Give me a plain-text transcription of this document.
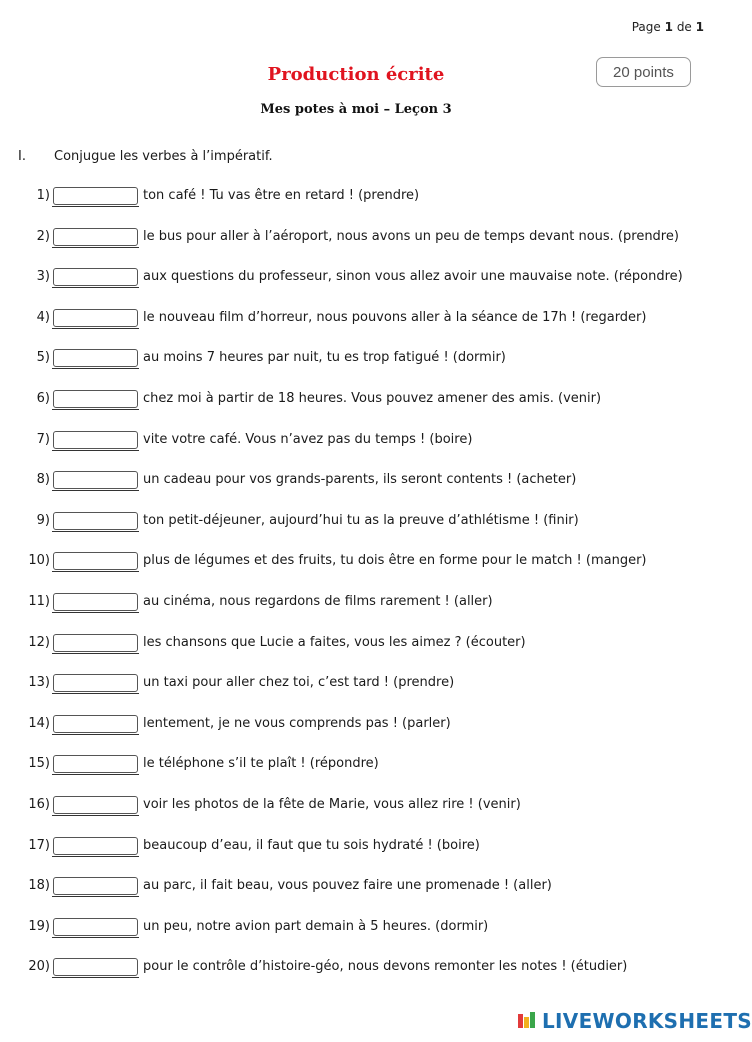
Page 1 de 1
20 points
Production écrite
Mes potes à moi – Leçon 3
I. Conjugue les verbes à l’impératif.
1)	ton café ! Tu vas être en retard ! (prendre)
2)	le bus pour aller à l’aéroport, nous avons un peu de temps devant nous. (prendre)
3)	aux questions du professeur, sinon vous allez avoir une mauvaise note. (répondre)
4)	le nouveau film d’horreur, nous pouvons aller à la séance de 17h ! (regarder)
5)	au moins 7 heures par nuit, tu es trop fatigué ! (dormir)
6)	chez moi à partir de 18 heures. Vous pouvez amener des amis. (venir)
7)	vite votre café. Vous n’avez pas du temps ! (boire)
8)	un cadeau pour vos grands-parents, ils seront contents ! (acheter)
9)	ton petit-déjeuner, aujourd’hui tu as la preuve d’athlétisme ! (finir)
10)	plus de légumes et des fruits, tu dois être en forme pour le match ! (manger)
11)	au cinéma, nous regardons de films rarement ! (aller)
12)	les chansons que Lucie a faites, vous les aimez ? (écouter)
13)	un taxi pour aller chez toi, c’est tard ! (prendre)
14)	lentement, je ne vous comprends pas ! (parler)
15)	le téléphone s’il te plaît ! (répondre)
16)	voir les photos de la fête de Marie, vous allez rire ! (venir)
17)	beaucoup d’eau, il faut que tu sois hydraté ! (boire)
18)	au parc, il fait beau, vous pouvez faire une promenade ! (aller)
19)	un peu, notre avion part demain à 5 heures. (dormir)
20)	pour le contrôle d’histoire-géo, nous devons remonter les notes ! (étudier)
LIVEWORKSHEETS
